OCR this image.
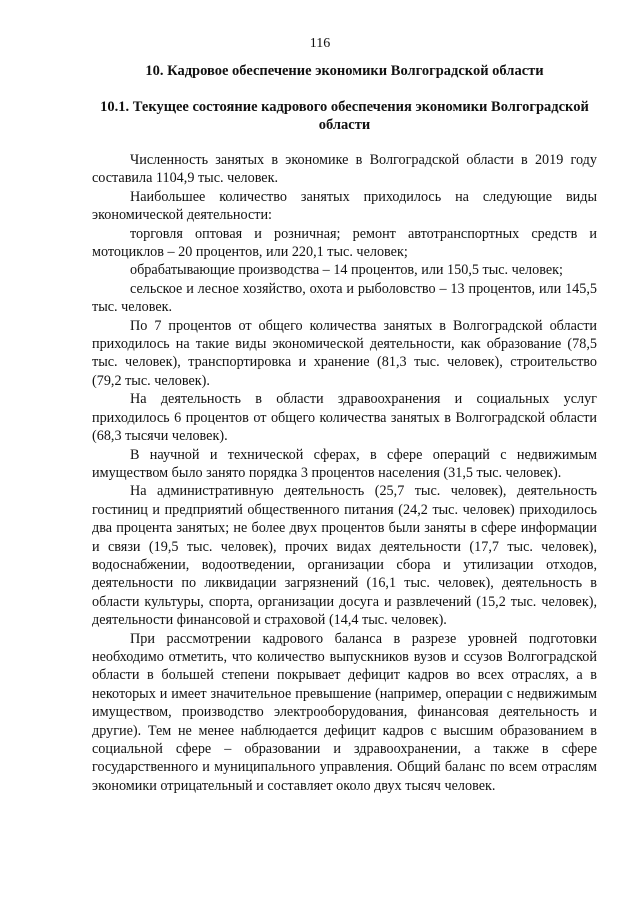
116
10. Кадровое обеспечение экономики Волгоградской области
10.1. Текущее состояние кадрового обеспечения экономики Волгоградской области

Численность занятых в экономике в Волгоградской области в 2019 году составила 1104,9 тыс. человек.

Наибольшее количество занятых приходилось на следующие виды экономической деятельности:

торговля оптовая и розничная; ремонт автотранспортных средств и мотоциклов – 20 процентов, или 220,1 тыс. человек;

обрабатывающие производства – 14 процентов, или 150,5 тыс. человек;

сельское и лесное хозяйство, охота и рыболовство – 13 процентов, или 145,5 тыс. человек.

По 7 процентов от общего количества занятых в Волгоградской области приходилось на такие виды экономической деятельности, как образование (78,5 тыс. человек), транспортировка и хранение (81,3 тыс. человек), строительство (79,2 тыс. человек).

На деятельность в области здравоохранения и социальных услуг приходилось 6 процентов от общего количества занятых в Волгоградской области (68,3 тысячи человек).

В научной и технической сферах, в сфере операций с недвижимым имуществом было занято порядка 3 процентов населения (31,5 тыс. человек).

На административную деятельность (25,7 тыс. человек), деятельность гостиниц и предприятий общественного питания (24,2 тыс. человек) приходилось два процента занятых; не более двух процентов были заняты в сфере информации и связи (19,5 тыс. человек), прочих видах деятельности (17,7 тыс. человек), водоснабжении, водоотведении, организации сбора и утилизации отходов, деятельности по ликвидации загрязнений (16,1 тыс. человек), деятельность в области культуры, спорта, организации досуга и развлечений (15,2 тыс. человек), деятельности финансовой и страховой (14,4 тыс. человек).

При рассмотрении кадрового баланса в разрезе уровней подготовки необходимо отметить, что количество выпускников вузов и ссузов Волгоградской области в большей степени покрывает дефицит кадров во всех отраслях, а в некоторых и имеет значительное превышение (например, операции с недвижимым имуществом, производство электрооборудования, финансовая деятельность и другие). Тем не менее наблюдается дефицит кадров с высшим образованием в социальной сфере – образовании и здравоохранении, а также в сфере государственного и муниципального управления. Общий баланс по всем отраслям экономики отрицательный и составляет около двух тысяч человек.
